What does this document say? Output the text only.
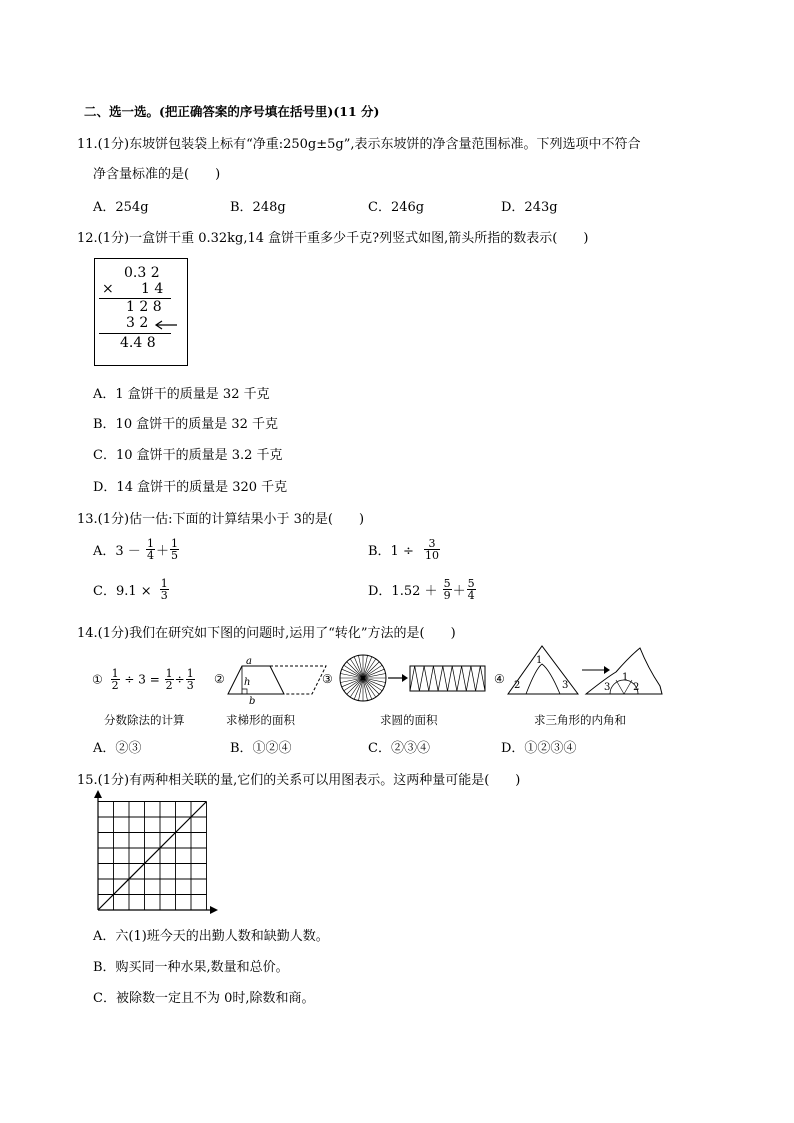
二、选一选。(把正确答案的序号填在括号里)(11 分)
11.(1分)东坡饼包装袋上标有“净重:250g±5g”,表示东坡饼的净含量范围标准。下列选项中不符合
净含量标准的是(　　)
A．254g	B．248g	C．246g	D．243g
12.(1分)一盒饼干重 0.32kg,14 盒饼干重多少千克?列竖式如图,箭头所指的数表示(　　)
0.3 2
× 1 4
1 2 8
3 2
4.4 8
A．1 盒饼干的质量是 32 千克
B．10 盒饼干的质量是 32 千克
C．10 盒饼干的质量是 3.2 千克
D．14 盒饼干的质量是 320 千克
13.(1分)估一估:下面的计算结果小于 3的是(　　)
A．$3 - \frac{1}{4} + \frac{1}{5}$	B．$1 \div \frac{3}{10}$
C．$9.1 \times \frac{1}{3}$	D．$1.52 + \frac{5}{9} + \frac{5}{4}$
14.(1分)我们在研究如下图的问题时,运用了“转化”方法的是(　　)
① $\frac{1}{2} \div 3 = \frac{1}{2} \div \frac{1}{3}$
分数除法的计算
②
a
h
b
求梯形的面积
③
求圆的面积
④
1
2	3	3
1
2
求三角形的内角和
A．②③	B．①②④	C．②③④	D．①②③④
15.(1分)有两种相关联的量,它们的关系可以用图表示。这两种量可能是(　　)
A．六(1)班今天的出勤人数和缺勤人数。
B．购买同一种水果,数量和总价。
C．被除数一定且不为 0时,除数和商。
